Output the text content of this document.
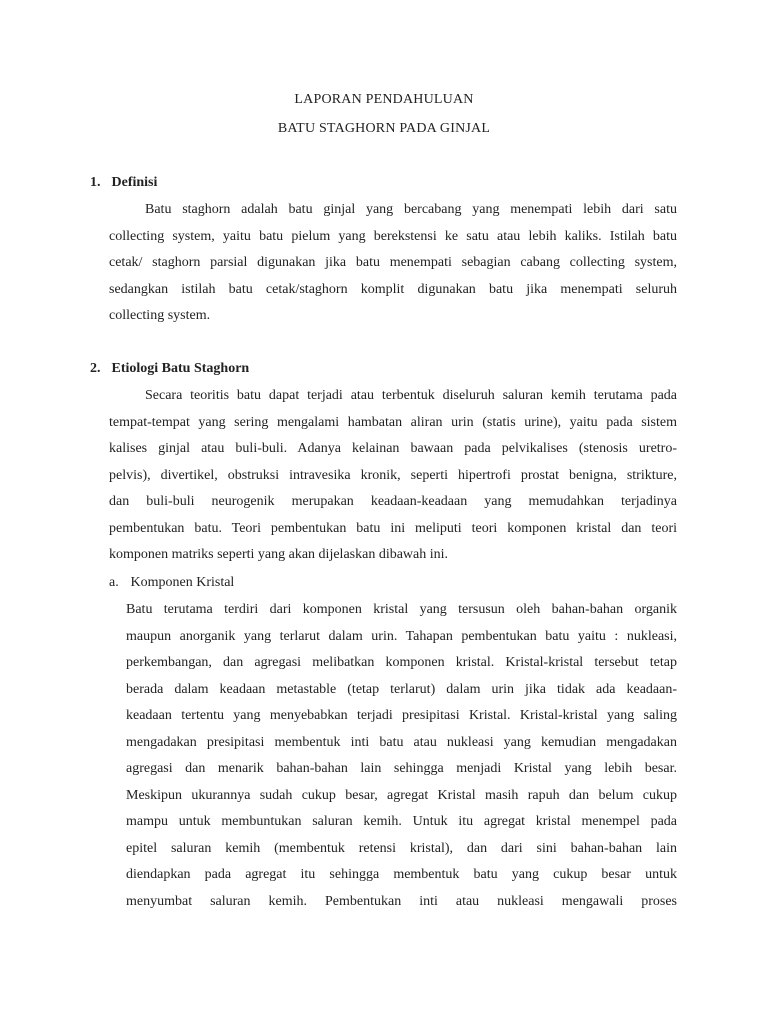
LAPORAN PENDAHULUAN
BATU STAGHORN PADA GINJAL
1. Definisi
Batu staghorn adalah batu ginjal yang bercabang yang menempati lebih dari satu
collecting system, yaitu batu pielum yang berekstensi ke satu atau lebih kaliks. Istilah batu
cetak/ staghorn parsial digunakan jika batu menempati sebagian cabang collecting system,
sedangkan istilah batu cetak/staghorn komplit digunakan batu jika menempati seluruh
collecting system.
2. Etiologi Batu Staghorn
Secara teoritis batu dapat terjadi atau terbentuk diseluruh saluran kemih terutama pada
tempat-tempat yang sering mengalami hambatan aliran urin (statis urine), yaitu pada sistem
kalises ginjal atau buli-buli. Adanya kelainan bawaan pada pelvikalises (stenosis uretro-
pelvis), divertikel, obstruksi intravesika kronik, seperti hipertrofi prostat benigna, strikture,
dan buli-buli neurogenik merupakan keadaan-keadaan yang memudahkan terjadinya
pembentukan batu. Teori pembentukan batu ini meliputi teori komponen kristal dan teori
komponen matriks seperti yang akan dijelaskan dibawah ini.
a. Komponen Kristal
Batu terutama terdiri dari komponen kristal yang tersusun oleh bahan-bahan organik
maupun anorganik yang terlarut dalam urin. Tahapan pembentukan batu yaitu : nukleasi,
perkembangan, dan agregasi melibatkan komponen kristal. Kristal-kristal tersebut tetap
berada dalam keadaan metastable (tetap terlarut) dalam urin jika tidak ada keadaan-
keadaan tertentu yang menyebabkan terjadi presipitasi Kristal. Kristal-kristal yang saling
mengadakan presipitasi membentuk inti batu atau nukleasi yang kemudian mengadakan
agregasi dan menarik bahan-bahan lain sehingga menjadi Kristal yang lebih besar.
Meskipun ukurannya sudah cukup besar, agregat Kristal masih rapuh dan belum cukup
mampu untuk membuntukan saluran kemih. Untuk itu agregat kristal menempel pada
epitel saluran kemih (membentuk retensi kristal), dan dari sini bahan-bahan lain
diendapkan pada agregat itu sehingga membentuk batu yang cukup besar untuk
menyumbat saluran kemih. Pembentukan inti atau nukleasi mengawali proses
